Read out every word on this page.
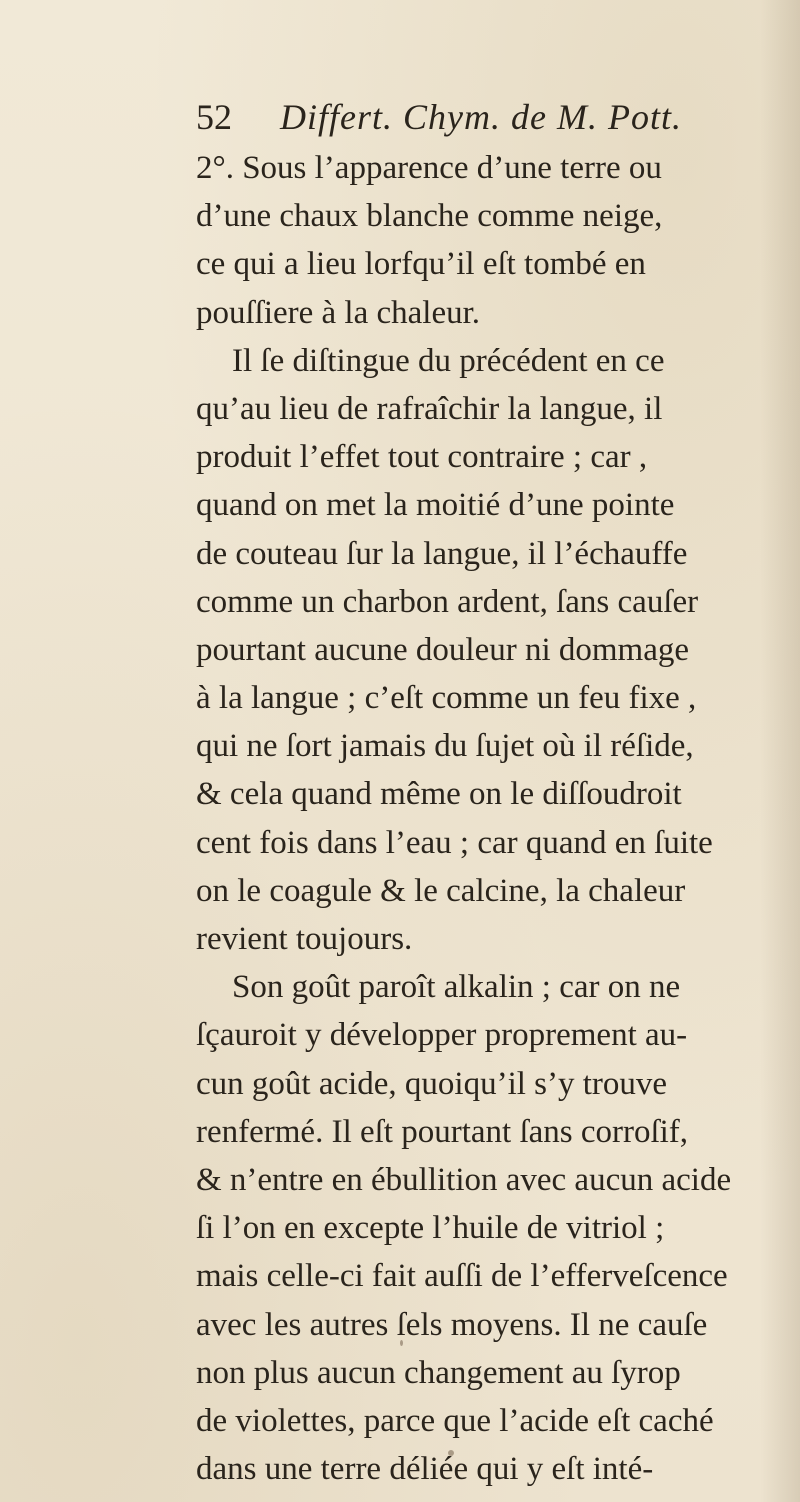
52	Differt. Chym. de M. Pott.
2°. Sous l’apparence d’une terre ou
d’une chaux blanche comme neige,
ce qui a lieu lorfqu’il eſt tombé en
pouſſiere à la chaleur.
Il ſe diſtingue du précédent en ce
qu’au lieu de rafraîchir la langue, il
produit l’effet tout contraire ; car ,
quand on met la moitié d’une pointe
de couteau ſur la langue, il l’échauffe
comme un charbon ardent, ſans cauſer
pourtant aucune douleur ni dommage
à la langue ; c’eſt comme un feu fixe ,
qui ne ſort jamais du ſujet où il réſide,
& cela quand même on le diſſoudroit
cent fois dans l’eau ; car quand en ſuite
on le coagule & le calcine, la chaleur
revient toujours.
Son goût paroît alkalin ; car on ne
ſçauroit y développer proprement au-
cun goût acide, quoiqu’il s’y trouve
renfermé. Il eſt pourtant ſans corroſif,
& n’entre en ébullition avec aucun acide
ſi l’on en excepte l’huile de vitriol ;
mais celle-ci fait auſſi de l’efferveſcence
avec les autres ſels moyens. Il ne cauſe
non plus aucun changement au ſyrop
de violettes, parce que l’acide eſt caché
dans une terre déliée qui y eſt inté-
